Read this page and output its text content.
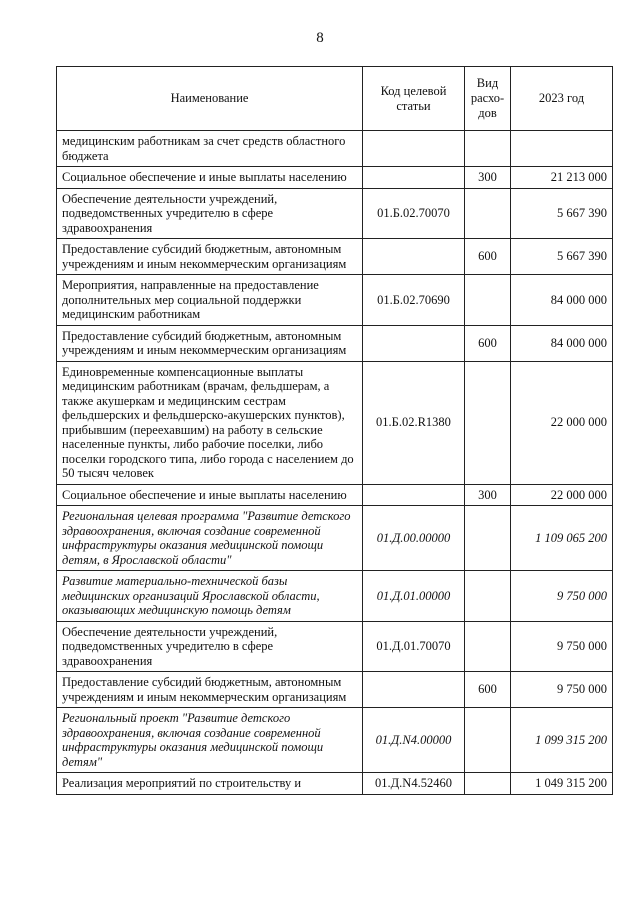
8
Наименование	Код целевой статьи	Вид расхо-дов	2023 год
медицинским работникам за счет средств областного бюджета			
Социальное обеспечение и иные выплаты населению		300	21 213 000
Обеспечение деятельности учреждений, подведомственных учредителю в сфере здравоохранения	01.Б.02.70070		5 667 390
Предоставление субсидий бюджетным, автономным учреждениям и иным некоммерческим организациям		600	5 667 390
Мероприятия, направленные на предоставление дополнительных мер социальной поддержки медицинским работникам	01.Б.02.70690		84 000 000
Предоставление субсидий бюджетным, автономным учреждениям и иным некоммерческим организациям		600	84 000 000
Единовременные компенсационные выплаты медицинским работникам (врачам, фельдшерам, а также акушеркам и медицинским сестрам фельдшерских и фельдшерско-акушерских пунктов), прибывшим (переехавшим) на работу в сельские населенные пункты, либо рабочие поселки, либо поселки городского типа, либо города с населением до 50 тысяч человек	01.Б.02.R1380		22 000 000
Социальное обеспечение и иные выплаты населению		300	22 000 000
Региональная целевая программа "Развитие детского здравоохранения, включая создание современной инфраструктуры оказания медицинской помощи детям, в Ярославской области"	01.Д.00.00000		1 109 065 200
Развитие материально-технической базы медицинских организаций Ярославской области, оказывающих медицинскую помощь детям	01.Д.01.00000		9 750 000
Обеспечение деятельности учреждений, подведомственных учредителю в сфере здравоохранения	01.Д.01.70070		9 750 000
Предоставление субсидий бюджетным, автономным учреждениям и иным некоммерческим организациям		600	9 750 000
Региональный проект "Развитие детского здравоохранения, включая создание современной инфраструктуры оказания медицинской помощи детям"	01.Д.N4.00000		1 099 315 200
Реализация мероприятий по строительству и	01.Д.N4.52460		1 049 315 200
